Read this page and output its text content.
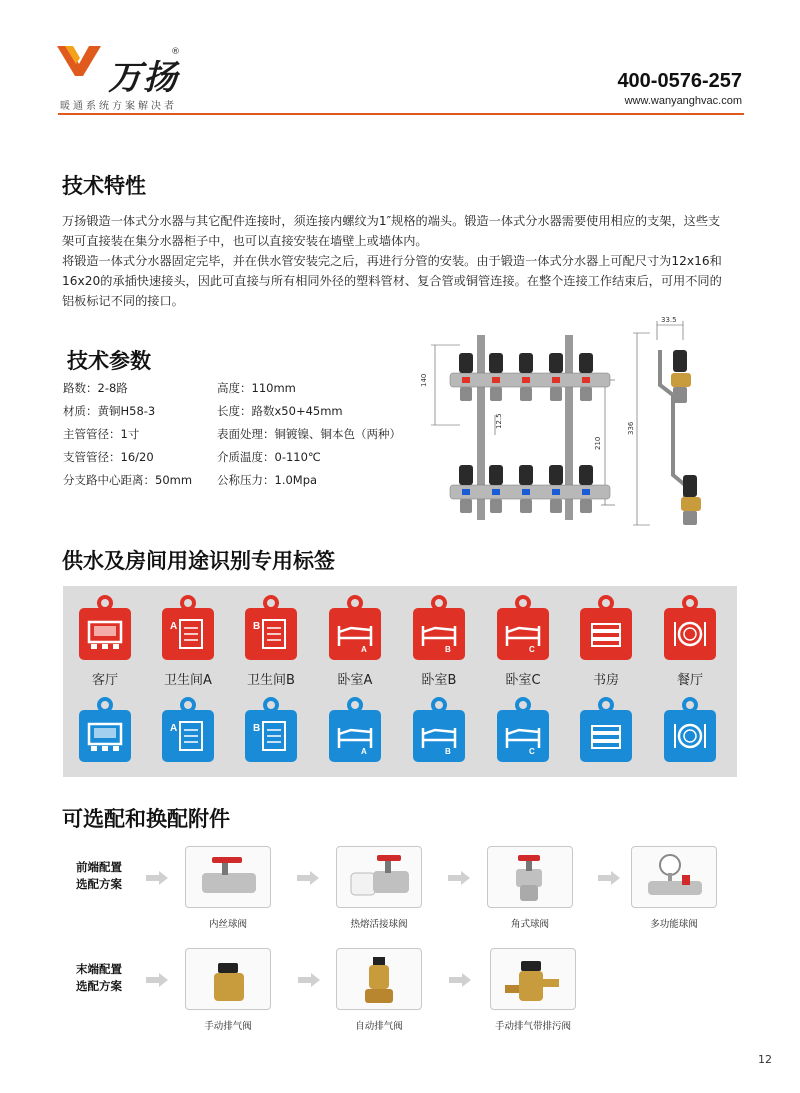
万扬
®
暖通系统方案解决者
400-0576-257
www.wanyanghvac.com
技术特性
万扬锻造一体式分水器与其它配件连接时，须连接内螺纹为1″规格的端头。锻造一体式分水器需要使用相应的支架，这些支架可直接装在集分水器柜子中，也可以直接安装在墙壁上或墙体内。
将锻造一体式分水器固定完毕，并在供水管安装完之后，再进行分管的安装。由于锻造一体式分水器上可配尺寸为12x16和16x20的承插快速接头，因此可直接与所有相同外径的塑料管材、复合管或铜管连接。在整个连接工作结束后，可用不同的铝板标记不同的接口。
技术参数
路数：2-8路
材质：黄铜H58-3
主管管径：1寸
支管管径：16/20
分支路中心距离：50mm
高度：110mm
长度：路数x50+45mm
表面处理：铜镀镍、铜本色（两种）
介质温度：0-110℃
公称压力：1.0Mpa
140
12.5
210
336
33.5
供水及房间用途识别专用标签
客厅
A
A
卫生间A
B
B
卫生间B
A
A
卧室A
B
B
卧室B
C
C
卧室C	书房	餐厅
可选配和换配附件
前端配置
选配方案
末端配置
选配方案
内丝球阀	热熔活接球阀	角式球阀	多功能球阀
手动排气阀	自动排气阀	手动排气带排污阀
12
